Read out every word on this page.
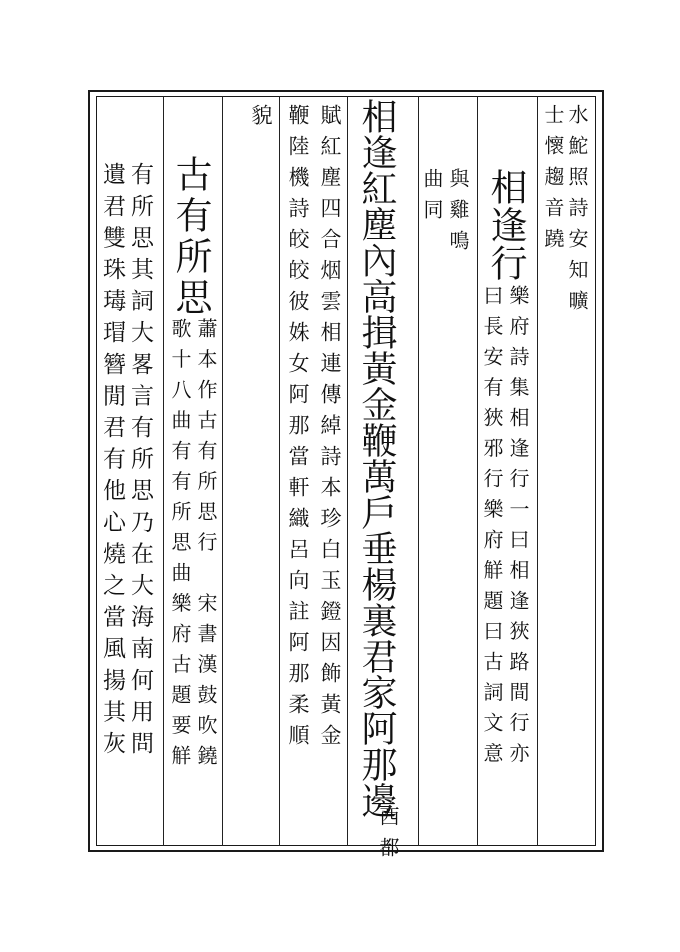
水鮀照詩安知曠
士懷趨音蹺
相逢行
樂府詩集相逢行一曰相逢狹路間行亦
曰長安有狹邪行樂府觧題曰古詞文意
與雞鳴
曲同
相逢紅塵內高揖黃金鞭萬戶垂楊裏君家阿那邊
西都
賦紅塵四合烟雲相連傳綽詩本珍白玉鐙因飾黃金
鞭陸機詩皎皎彼姝女阿那當軒織呂向註阿那柔順
貌
古有所思
蕭本作古有所思行　宋書漢鼓吹鐃
歌十八曲有有所思曲樂府古題要觧
有所思其詞大畧言有所思乃在大海南何用問
遺君雙珠瑇瑁簪閒君有他心燒之當風揚其灰
